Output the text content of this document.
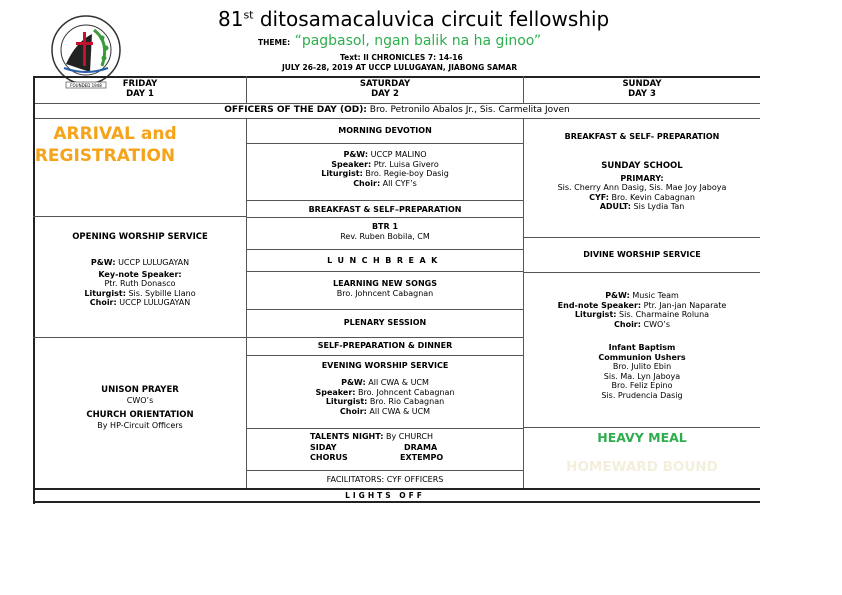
FOUNDED 1948
81st ditosamacaluvica circuit fellowship
THEME: “pagbasol, ngan balik na ha ginoo”
Text: II CHRONICLES 7: 14-16
JULY 26-28, 2019 AT UCCP LULUGAYAN, JIABONG SAMAR
FRIDAY
DAY 1
SATURDAY
DAY 2
SUNDAY
DAY 3
OFFICERS OF THE DAY (OD): Bro. Petronilo Abalos Jr., Sis. Carmelita Joven
ARRIVAL and
REGISTRATION
OPENING WORSHIP SERVICE
P&W: UCCP LULUGAYAN
Key-note Speaker:
Ptr. Ruth Donasco
Liturgist: Sis. Sybille Llano
Choir: UCCP LULUGAYAN
UNISON PRAYER
CWO’s
CHURCH ORIENTATION
By HP-Circuit Officers
MORNING DEVOTION
P&W: UCCP MALINO
Speaker: Ptr. Luisa Givero
Liturgist: Bro. Regie-boy Dasig
Choir: All CYF’s
BREAKFAST & SELF–PREPARATION
BTR 1
Rev. Ruben Bobila, CM
LUNCHBREAK
LEARNING NEW SONGS
Bro. Johncent Cabagnan
PLENARY SESSION
SELF-PREPARATION & DINNER
EVENING WORSHIP SERVICE
P&W: All CWA & UCM
Speaker: Bro. Johncent Cabagnan
Liturgist: Bro. Rio Cabagnan
Choir: All CWA & UCM
TALENTS NIGHT: By CHURCH
SIDAY	DRAMA
CHORUS	EXTEMPO
FACILITATORS: CYF OFFICERS
LIGHTS OFF
BREAKFAST & SELF- PREPARATION
SUNDAY SCHOOL
PRIMARY:
Sis. Cherry Ann Dasig, Sis. Mae Joy Jaboya
CYF: Bro. Kevin Cabagnan
ADULT: Sis Lydia Tan
DIVINE WORSHIP SERVICE
P&W: Music Team
End-note Speaker: Ptr. Jan-jan Naparate
Liturgist: Sis. Charmaine Roluna
Choir: CWO’s
Infant Baptism
Communion Ushers
Bro. Julito Ebin
Sis. Ma. Lyn Jaboya
Bro. Feliz Epino
Sis. Prudencia Dasig
HEAVY MEAL
HOMEWARD BOUND
